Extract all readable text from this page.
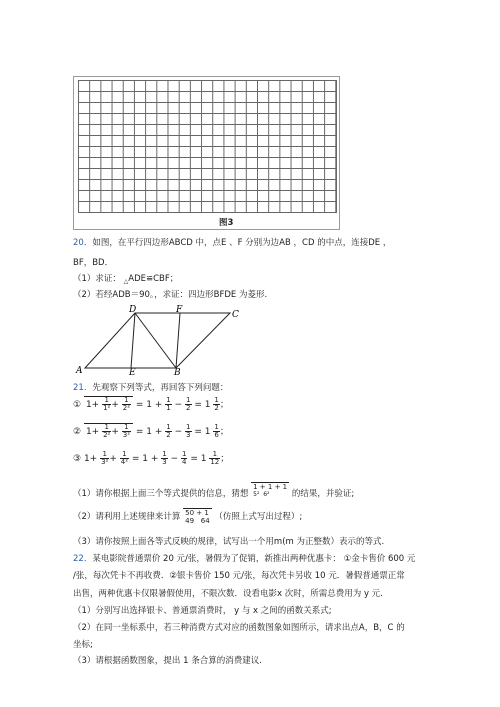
图3
20．如图，在平行四边形ABCD 中，点E 、F 分别为边AB ，CD 的中点，连接DE ，
BF，BD．
（1）求证： $_\triangle$ADE≌CBF；
（2）若经ADB＝90。，求证：四边形BFDE 为菱形.
D	F	C
A	E	B
21．先观察下列等式，再回答下列问题：
① $1+ \frac{1}{\text{1²}} + \frac{1}{\text{2²}} = 1 + \frac{1}{1} - \frac{1}{2} = 1 \frac{1}{2}$ ；
② $1+ \frac{1}{\text{2²}} + \frac{1}{\text{3²}} = 1 + \frac{1}{2} - \frac{1}{3} = 1 \frac{1}{6}$ ；
③ $1+ \frac{1}{\text{3²}} + \frac{1}{\text{4²}} = 1 + \frac{1}{3} - \frac{1}{4} = 1 \frac{1}{12}$ ；
（1）请你根据上面三个等式提供的信息，猜想 1 + 1 + 1
5² 6²	的结果，并验证;
（2）请利用上述规律来计算 50 + 1
49 64 （仿照上式写出过程）;
（3）请你按照上面各等式反映的规律，试写出一个用m(m 为正整数）表示的等式.
22．某电影院普通票价 20 元/张，暑假为了促销，新推出两种优惠卡： ①金卡售价 600 元
/张，每次凭卡不再收费．②银卡售价 150 元/张，每次凭卡另收 10 元．暑假普通票正常
出售，两种优惠卡仅限暑假使用，不限次数．设看电影x 次时，所需总费用为 y 元.
（1）分别写出选择银卡、普通票消费时， y 与 x 之间的函数关系式;
（2）在同一坐标系中，若三种消费方式对应的函数图象如图所示，请求出点A，B，C 的
坐标;
（3）请根据函数图象，提出 1 条合算的消费建议.
